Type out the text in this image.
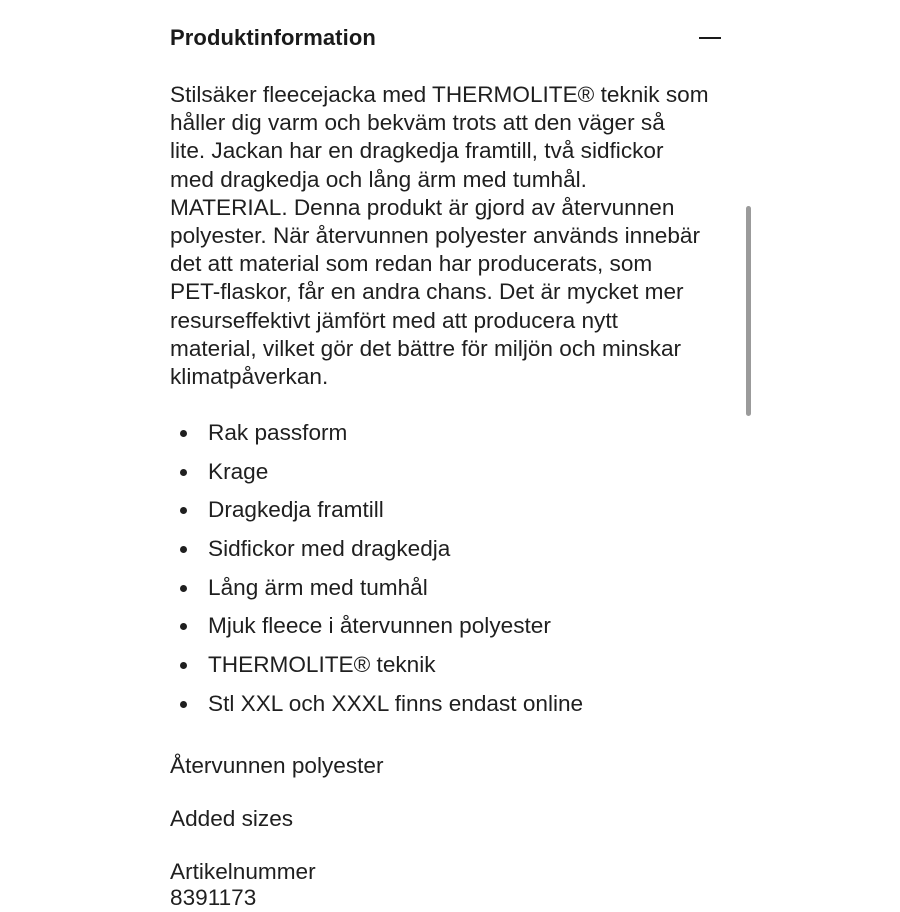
Produktinformation

Stilsäker fleecejacka med THERMOLITE® teknik som
håller dig varm och bekväm trots att den väger så
lite. Jackan har en dragkedja framtill, två sidfickor
med dragkedja och lång ärm med tumhål.
MATERIAL. Denna produkt är gjord av återvunnen
polyester. När återvunnen polyester används innebär
det att material som redan har producerats, som
PET-flaskor, får en andra chans. Det är mycket mer
resurseffektivt jämfört med att producera nytt
material, vilket gör det bättre för miljön och minskar
klimatpåverkan.

Rak passform
Krage
Dragkedja framtill
Sidfickor med dragkedja
Lång ärm med tumhål
Mjuk fleece i återvunnen polyester
THERMOLITE® teknik
Stl XXL och XXXL finns endast online
Återvunnen polyester
Added sizes
Artikelnummer
8391173
